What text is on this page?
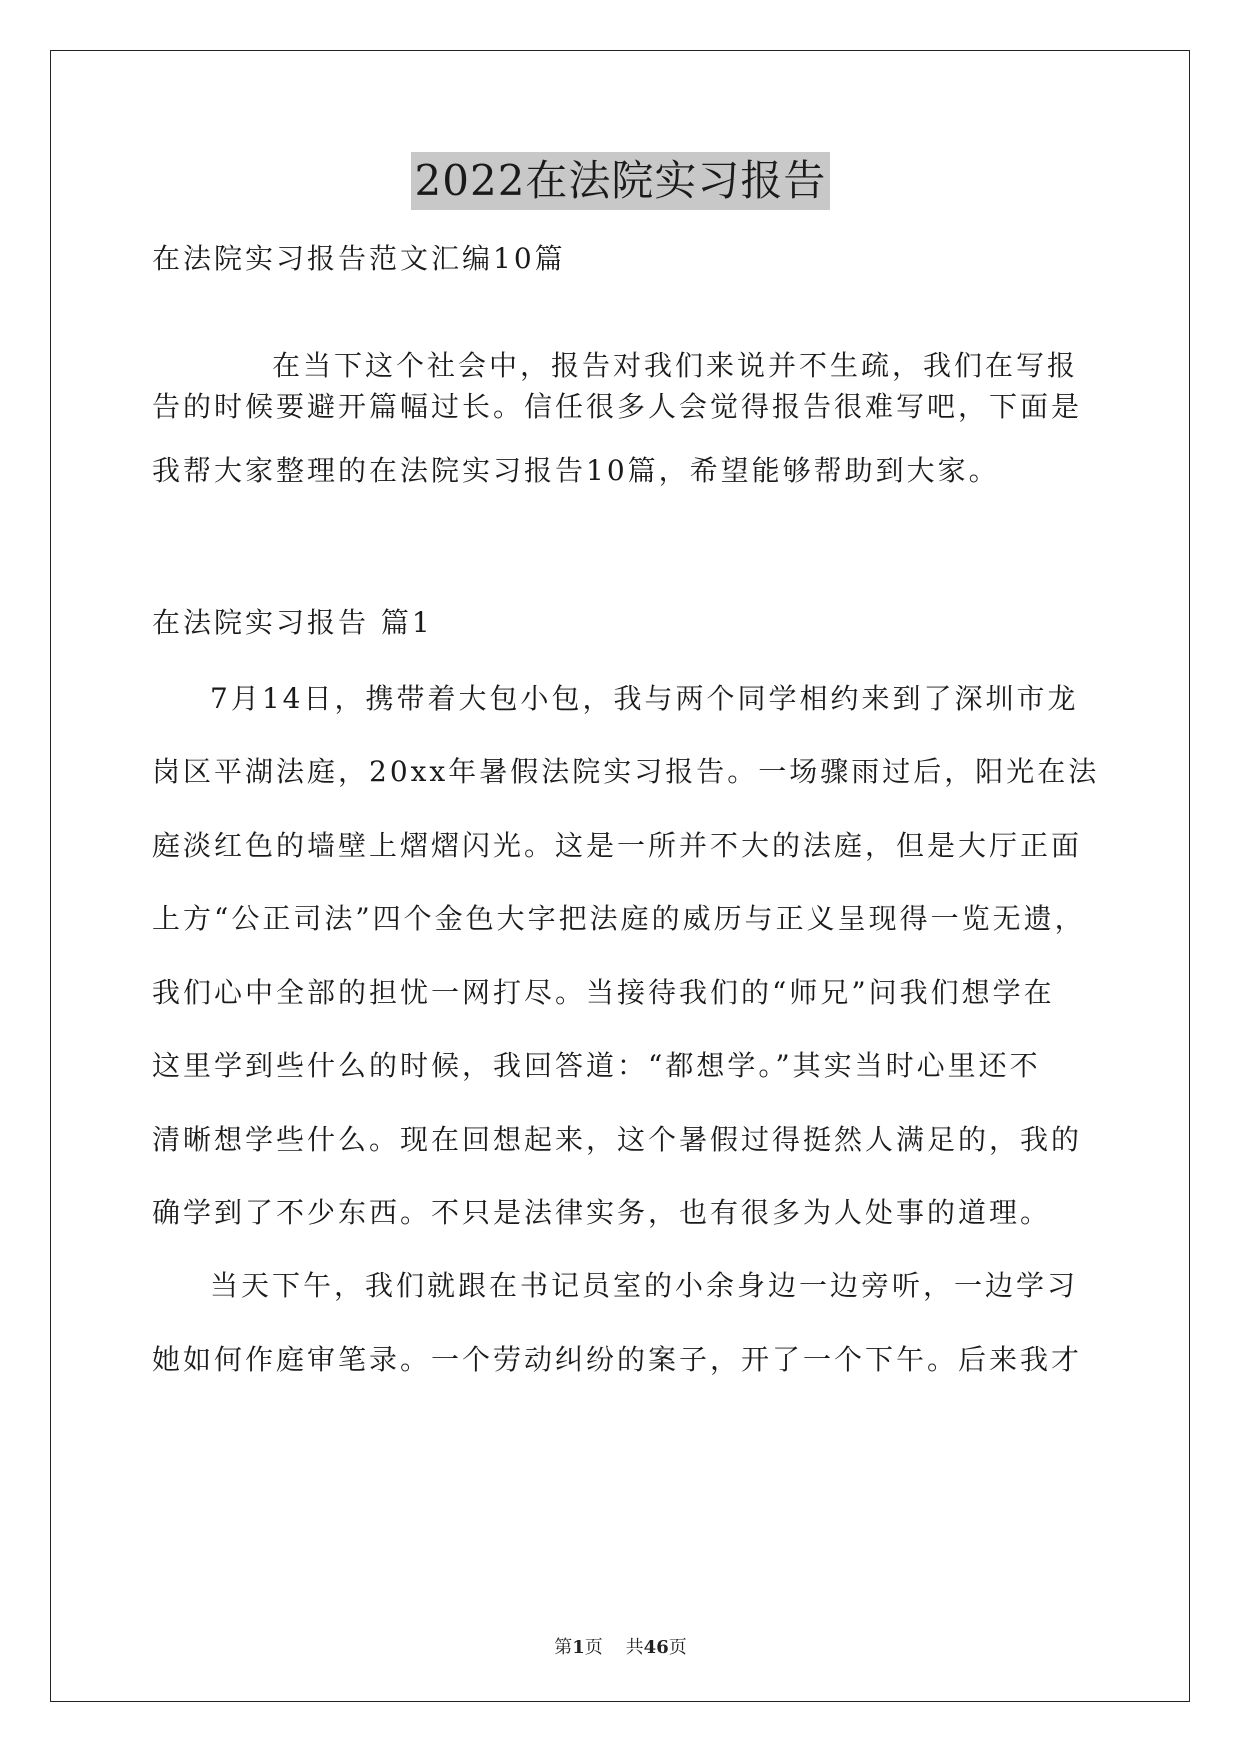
2022在法院实习报告
在法院实习报告范文汇编10篇
在当下这个社会中，报告对我们来说并不生疏，我们在写报
告的时候要避开篇幅过长。信任很多人会觉得报告很难写吧，下面是
我帮大家整理的在法院实习报告10篇，希望能够帮助到大家。
在法院实习报告 篇1
7月14日，携带着大包小包，我与两个同学相约来到了深圳市龙
岗区平湖法庭，20xx年暑假法院实习报告。一场骤雨过后，阳光在法
庭淡红色的墙壁上熠熠闪光。这是一所并不大的法庭，但是大厅正面
上方“公正司法”四个金色大字把法庭的威历与正义呈现得一览无遗，
我们心中全部的担忧一网打尽。当接待我们的“师兄”问我们想学在
这里学到些什么的时候，我回答道：“都想学。”其实当时心里还不
清晰想学些什么。现在回想起来，这个暑假过得挺然人满足的，我的
确学到了不少东西。不只是法律实务，也有很多为人处事的道理。
当天下午，我们就跟在书记员室的小余身边一边旁听，一边学习
她如何作庭审笔录。一个劳动纠纷的案子，开了一个下午。后来我才
第1页 共46页
